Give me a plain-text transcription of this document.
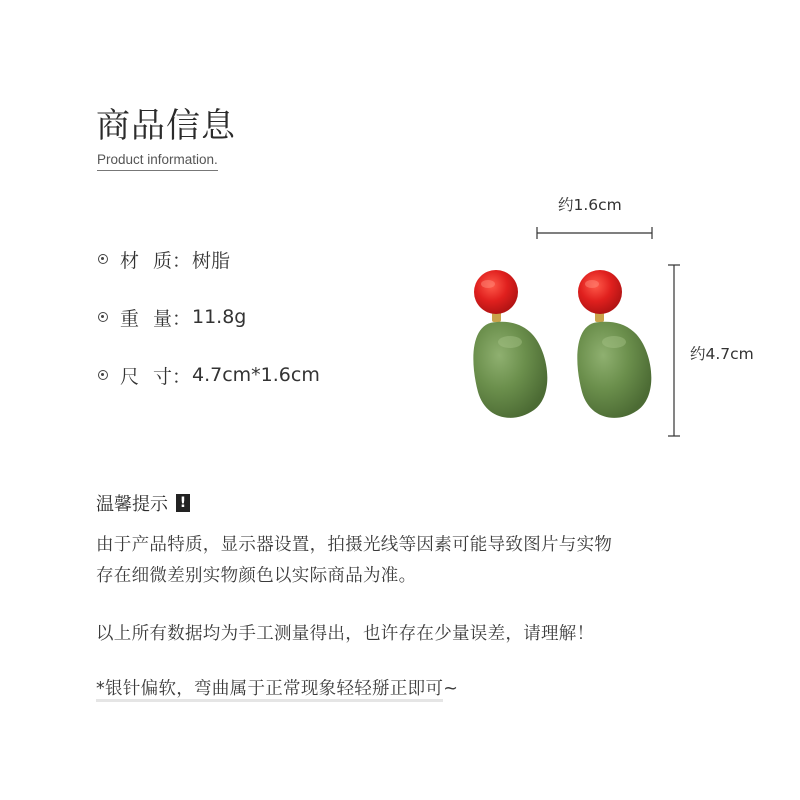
商品信息
Product information.
材 质 ： 树脂
重 量 ： 11.8g
尺 寸 ： 4.7cm*1.6cm
约1.6cm
约4.7cm
温馨提示 !

由于产品特质，显示器设置，拍摄光线等因素可能导致图片与实物
存在细微差别实物颜色以实际商品为准。

以上所有数据均为手工测量得出，也许存在少量误差，请理解！

*银针偏软，弯曲属于正常现象轻轻掰正即可~
